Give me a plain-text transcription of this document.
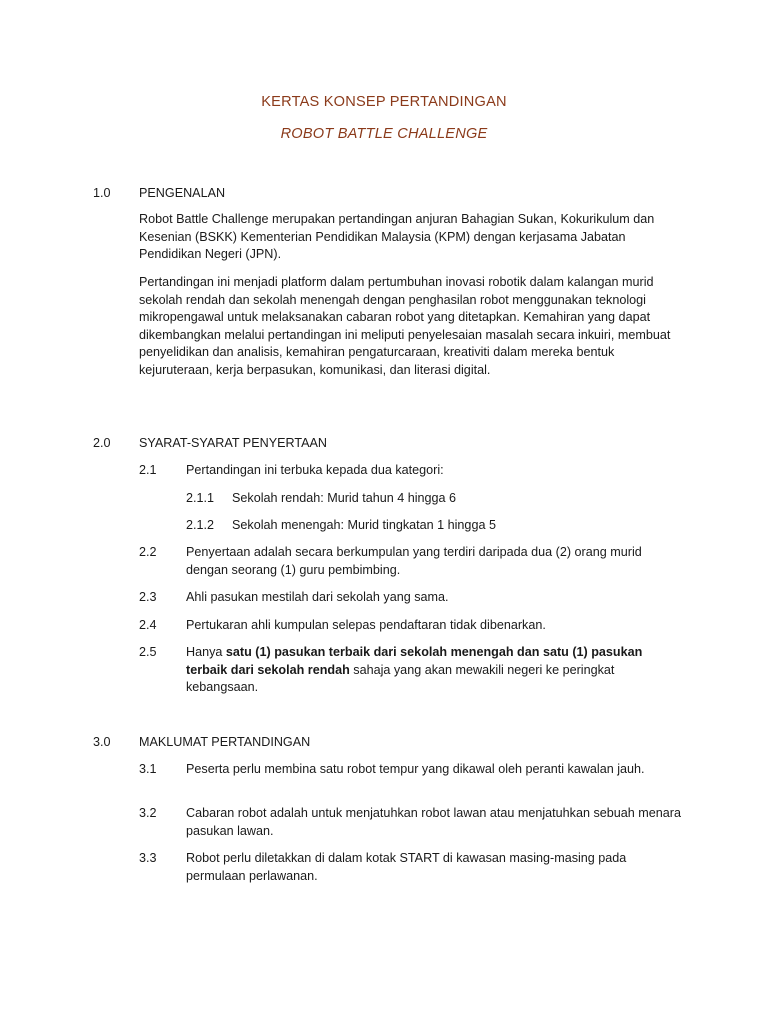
KERTAS KONSEP PERTANDINGAN
ROBOT BATTLE CHALLENGE
1.0 PENGENALAN

Robot Battle Challenge merupakan pertandingan anjuran Bahagian Sukan, Kokurikulum dan Kesenian (BSKK) Kementerian Pendidikan Malaysia (KPM) dengan kerjasama Jabatan Pendidikan Negeri (JPN).

Pertandingan ini menjadi platform dalam pertumbuhan inovasi robotik dalam kalangan murid sekolah rendah dan sekolah menengah dengan penghasilan robot menggunakan teknologi mikropengawal untuk melaksanakan cabaran robot yang ditetapkan. Kemahiran yang dapat dikembangkan melalui pertandingan ini meliputi penyelesaian masalah secara inkuiri, membuat penyelidikan dan analisis, kemahiran pengaturcaraan, kreativiti dalam mereka bentuk kejuruteraan, kerja berpasukan, komunikasi, dan literasi digital.

2.0 SYARAT-SYARAT PENYERTAAN
2.1 Pertandingan ini terbuka kepada dua kategori:
2.1.1 Sekolah rendah: Murid tahun 4 hingga 6
2.1.2 Sekolah menengah: Murid tingkatan 1 hingga 5
2.2 Penyertaan adalah secara berkumpulan yang terdiri daripada dua (2) orang murid dengan seorang (1) guru pembimbing.
2.3 Ahli pasukan mestilah dari sekolah yang sama.
2.4 Pertukaran ahli kumpulan selepas pendaftaran tidak dibenarkan.
2.5 Hanya satu (1) pasukan terbaik dari sekolah menengah dan satu (1) pasukan terbaik dari sekolah rendah sahaja yang akan mewakili negeri ke peringkat kebangsaan.
3.0 MAKLUMAT PERTANDINGAN
3.1 Peserta perlu membina satu robot tempur yang dikawal oleh peranti kawalan jauh.
3.2 Cabaran robot adalah untuk menjatuhkan robot lawan atau menjatuhkan sebuah menara pasukan lawan.
3.3 Robot perlu diletakkan di dalam kotak START di kawasan masing-masing pada permulaan perlawanan.
